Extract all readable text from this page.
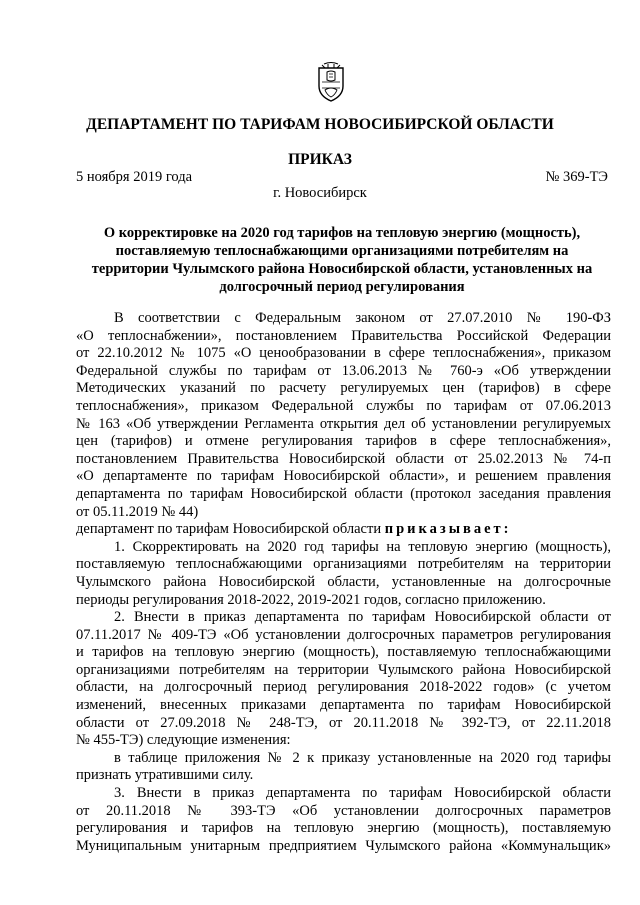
ДЕПАРТАМЕНТ ПО ТАРИФАМ НОВОСИБИРСКОЙ ОБЛАСТИ
ПРИКАЗ
5 ноября 2019 года	№ 369-ТЭ
г. Новосибирск
О корректировке на 2020 год тарифов на тепловую энергию (мощность),
поставляемую теплоснабжающими организациями потребителям на
территории Чулымского района Новосибирской области, установленных на
долгосрочный период регулирования
В соответствии с Федеральным законом от 27.07.2010 № 190-ФЗ
«О теплоснабжении», постановлением Правительства Российской Федерации
от 22.10.2012 № 1075 «О ценообразовании в сфере теплоснабжения», приказом
Федеральной службы по тарифам от 13.06.2013 № 760-э «Об утверждении
Методических указаний по расчету регулируемых цен (тарифов) в сфере
теплоснабжения», приказом Федеральной службы по тарифам от 07.06.2013
№ 163 «Об утверждении Регламента открытия дел об установлении регулируемых
цен (тарифов) и отмене регулирования тарифов в сфере теплоснабжения»,
постановлением Правительства Новосибирской области от 25.02.2013 № 74-п
«О департаменте по тарифам Новосибирской области», и решением правления
департамента по тарифам Новосибирской области (протокол заседания правления
от 05.11.2019 № 44)
департамент по тарифам Новосибирской области приказывает:
1. Скорректировать на 2020 год тарифы на тепловую энергию (мощность),
поставляемую теплоснабжающими организациями потребителям на территории
Чулымского района Новосибирской области, установленные на долгосрочные
периоды регулирования 2018-2022, 2019-2021 годов, согласно приложению.
2. Внести в приказ департамента по тарифам Новосибирской области от
07.11.2017 № 409-ТЭ «Об установлении долгосрочных параметров регулирования
и тарифов на тепловую энергию (мощность), поставляемую теплоснабжающими
организациями потребителям на территории Чулымского района Новосибирской
области, на долгосрочный период регулирования 2018-2022 годов» (с учетом
изменений, внесенных приказами департамента по тарифам Новосибирской
области от 27.09.2018 № 248-ТЭ, от 20.11.2018 № 392-ТЭ, от 22.11.2018
№ 455-ТЭ) следующие изменения:
в таблице приложения № 2 к приказу установленные на 2020 год тарифы
признать утратившими силу.
3. Внести в приказ департамента по тарифам Новосибирской области
от 20.11.2018 № 393-ТЭ «Об установлении долгосрочных параметров
регулирования и тарифов на тепловую энергию (мощность), поставляемую
Муниципальным унитарным предприятием Чулымского района «Коммунальщик»
